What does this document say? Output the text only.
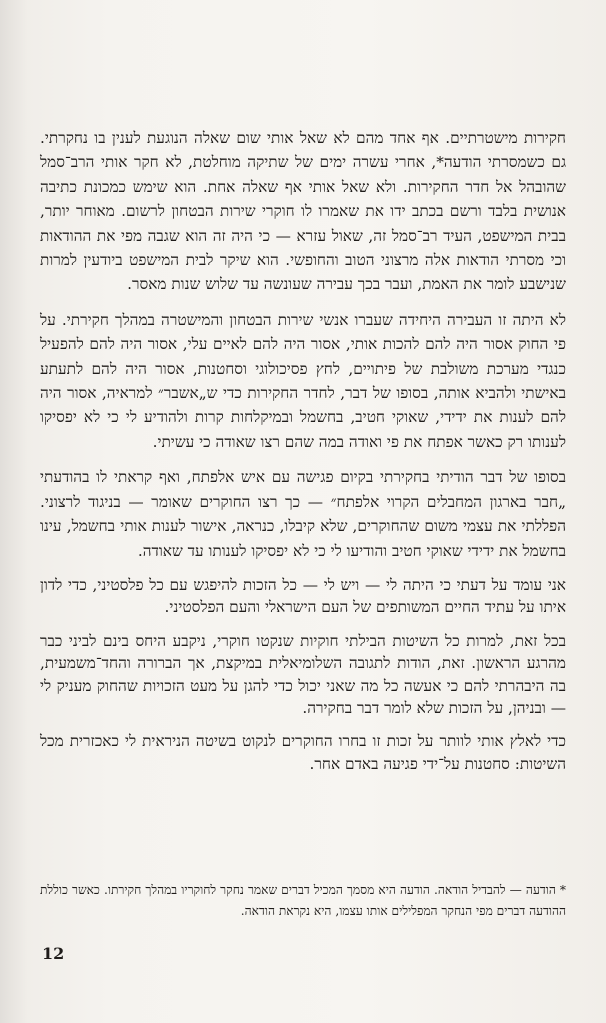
חקירות מישטרתיים. אף אחד מהם לא שאל אותי שום שאלה הנוגעת לענין בו נחקרתי. גם כשמסרתי הודעה*, אחרי עשרה ימים של שתיקה מוחלטת, לא חקר אותי הרב־סמל שהובהל אל חדר החקירות. ולא שאל אותי אף שאלה אחת. הוא שימש כמכונת כתיבה אנושית בלבד ורשם בכתב ידו את שאמרו לו חוקרי שירות הבטחון לרשום. מאוחר יותר, בבית המישפט, העיד רב־סמל זה, שאול עזרא — כי היה זה הוא שגבה מפי את ההודאות וכי מסרתי הודאות אלה מרצוני הטוב והחופשי. הוא שיקר לבית המישפט ביודעין למרות שנישבע לומר את האמת, ועבר בכך עבירה שעונשה עד שלוש שנות מאסר.

לא היתה זו העבירה היחידה שעברו אנשי שירות הבטחון והמישטרה במהלך חקירתי. על פי החוק אסור היה להם להכות אותי, אסור היה להם לאיים עלי, אסור היה להם להפעיל כנגדי מערכת משולבת של פיתויים, לחץ פסיכולוגי וסחטנות, אסור היה להם לתעתע באישתי ולהביא אותה, בסופו של דבר, לחדר החקירות כדי ש„אשבר״ למראיה, אסור היה להם לענות את ידידי, שאוקי חטיב, בחשמל ובמיקלחות קרות ולהודיע לי כי לא יפסיקו לענותו רק כאשר אפתח את פי ואודה במה שהם רצו שאודה כי עשיתי.

בסופו של דבר הודיתי בחקירתי בקיום פגישה עם איש אלפתח, ואף קראתי לו בהודעתי „חבר בארגון המחבלים הקרוי אלפתח״ — כך רצו החוקרים שאומר — בניגוד לרצוני. הפללתי את עצמי משום שהחוקרים, שלא קיבלו, כנראה, אישור לענות אותי בחשמל, עינו בחשמל את ידידי שאוקי חטיב והודיעו לי כי לא יפסיקו לענותו עד שאודה.

אני עומד על דעתי כי היתה לי — ויש לי — כל הזכות להיפגש עם כל פלסטיני, כדי לדון איתו על עתיד החיים המשותפים של העם הישראלי והעם הפלסטיני.

בכל זאת, למרות כל השיטות הבילתי חוקיות שנקטו חוקרי, ניקבע היחס בינם לביני כבר מהרגע הראשון. זאת, הודות לתגובה השלומיאלית במיקצת, אך הברורה והחד־משמעית, בה היבהרתי להם כי אעשה כל מה שאני יכול כדי להגן על מעט הזכויות שהחוק מעניק לי — ובניהן, על הזכות שלא לומר דבר בחקירה.

כדי לאלץ אותי לוותר על זכות זו בחרו החוקרים לנקוט בשיטה הניראית לי כאכזרית מכל השיטות: סחטנות על־ידי פגיעה באדם אחר.

* הודעה — להבדיל הודאה. הודעה היא מסמך המכיל דברים שאמר נחקר לחוקריו במהלך חקירתו. כאשר כוללת ההודעה דברים מפי הנחקר המפלילים אותו עצמו, היא נקראת הודאה.
12
